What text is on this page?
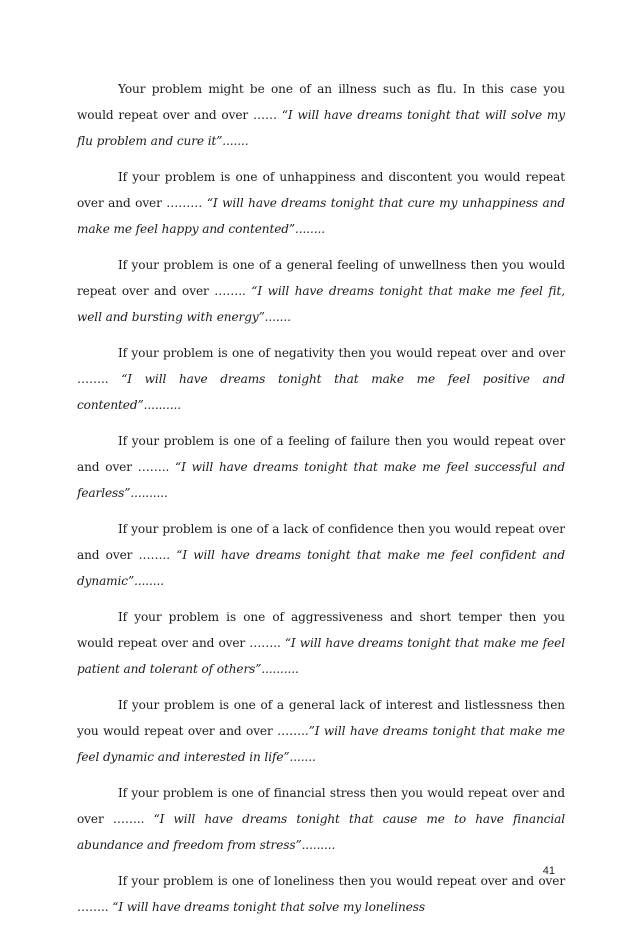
Your problem might be one of an illness such as flu. In this case you would repeat over and over …… “I will have dreams tonight that will solve my flu problem and cure it”.......

If your problem is one of unhappiness and discontent you would repeat over and over ……… “I will have dreams tonight that cure my unhappiness and make me feel happy and contented”........

If your problem is one of a general feeling of unwellness then you would repeat over and over …….. “I will have dreams tonight that make me feel fit, well and bursting with energy”.......

If your problem is one of negativity then you would repeat over and over …….. “I will have dreams tonight that make me feel positive and contented”..........

If your problem is one of a feeling of failure then you would repeat over and over …….. “I will have dreams tonight that make me feel successful and fearless”..........

If your problem is one of a lack of confidence then you would repeat over and over …….. “I will have dreams tonight that make me feel confident and dynamic”........

If your problem is one of aggressiveness and short temper then you would repeat over and over …….. “I will have dreams tonight that make me feel patient and tolerant of others”..........

If your problem is one of a general lack of interest and listlessness then you would repeat over and over ……..”I will have dreams tonight that make me feel dynamic and interested in life”.......

If your problem is one of financial stress then you would repeat over and over …….. “I will have dreams tonight that cause me to have financial abundance and freedom from stress”.........

If your problem is one of loneliness then you would repeat over and over …….. “I will have dreams tonight that solve my loneliness

41
